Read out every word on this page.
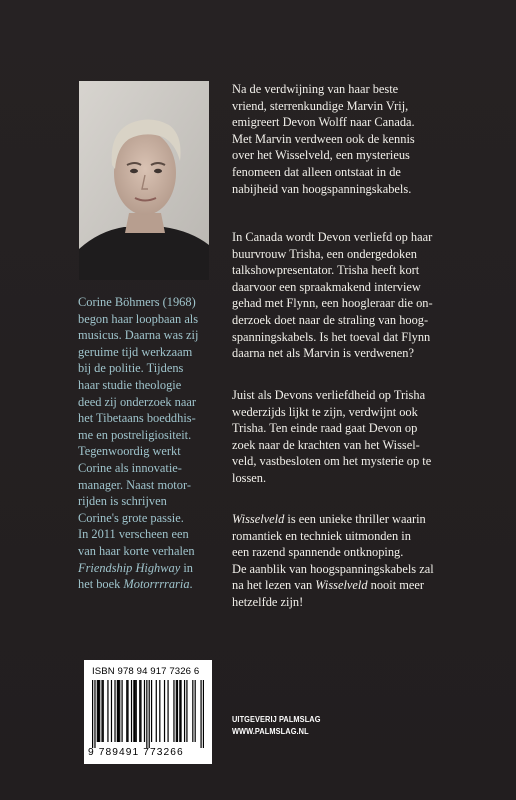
Corine Böhmers (1968)
begon haar loopbaan als
musicus. Daarna was zij
geruime tijd werkzaam
bij de politie. Tijdens
haar studie theologie
deed zij onderzoek naar
het Tibetaans boeddhis-
me en postreligiositeit.
Tegenwoordig werkt
Corine als innovatie-
manager. Naast motor-
rijden is schrijven
Corine's grote passie.
In 2011 verscheen een
van haar korte verhalen
Friendship Highway in
het boek Motorrrraria.

Na de verdwijning van haar beste
vriend, sterrenkundige Marvin Vrij,
emigreert Devon Wolff naar Canada.
Met Marvin verdween ook de kennis
over het Wisselveld, een mysterieus
fenomeen dat alleen ontstaat in de
nabijheid van hoogspanningskabels.

In Canada wordt Devon verliefd op haar
buurvrouw Trisha, een ondergedoken
talkshowpresentator. Trisha heeft kort
daarvoor een spraakmakend interview
gehad met Flynn, een hoogleraar die on-
derzoek doet naar de straling van hoog-
spanningskabels. Is het toeval dat Flynn
daarna net als Marvin is verdwenen?

Juist als Devons verliefdheid op Trisha
wederzijds lijkt te zijn, verdwijnt ook
Trisha. Ten einde raad gaat Devon op
zoek naar de krachten van het Wissel-
veld, vastbesloten om het mysterie op te
lossen.

Wisselveld is een unieke thriller waarin
romantiek en techniek uitmonden in
een razend spannende ontknoping.
De aanblik van hoogspanningskabels zal
na het lezen van Wisselveld nooit meer
hetzelfde zijn!

ISBN 978 94 917 7326 6
9 789491 773266
UITGEVERIJ PALMSLAG
WWW.PALMSLAG.NL
